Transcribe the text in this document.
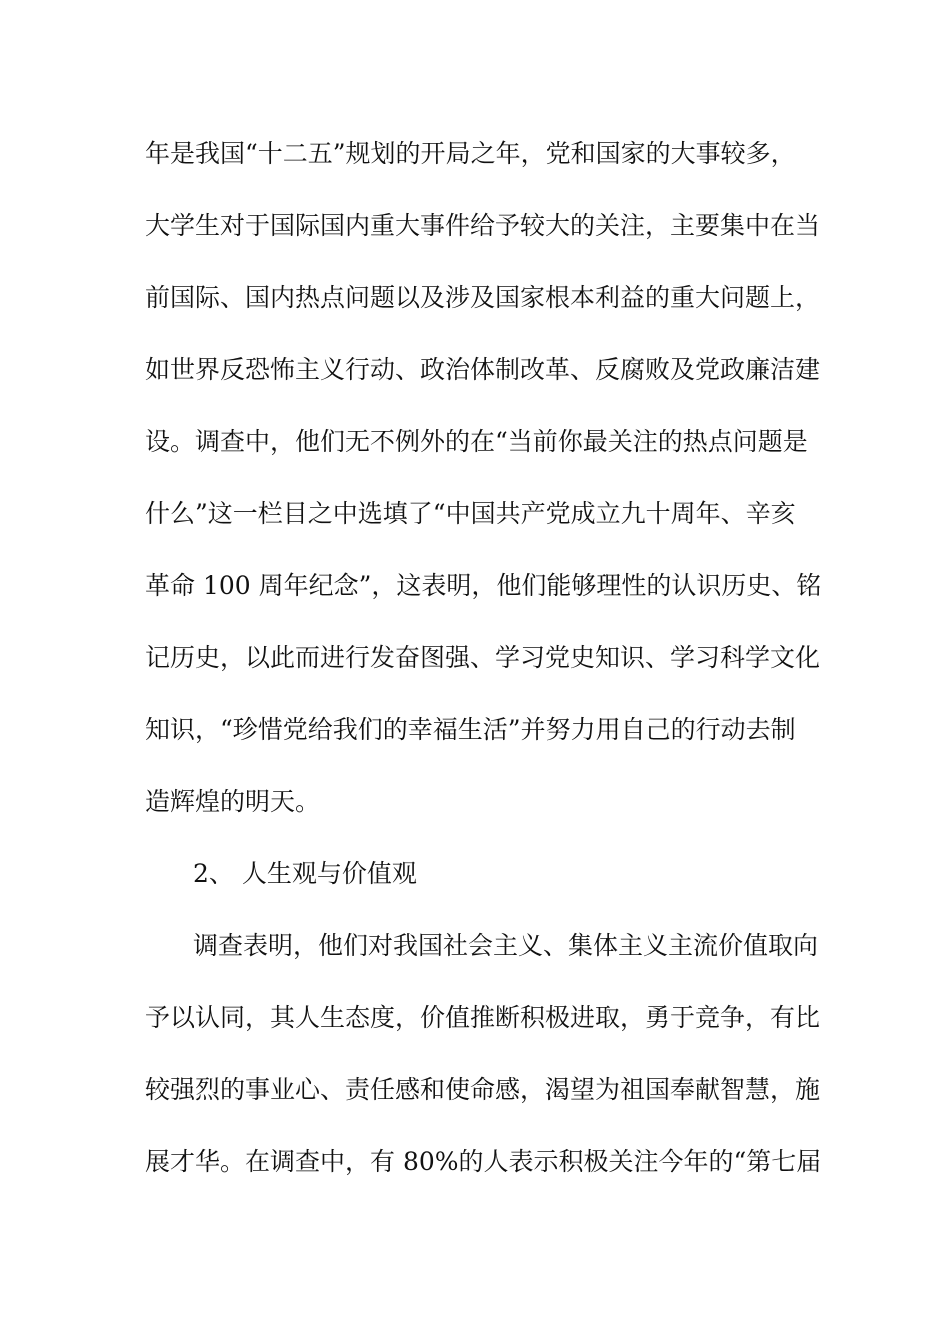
年是我国“十二五”规划的开局之年，党和国家的大事较多，
大学生对于国际国内重大事件给予较大的关注，主要集中在当
前国际、国内热点问题以及涉及国家根本利益的重大问题上，
如世界反恐怖主义行动、政治体制改革、反腐败及党政廉洁建
设。调查中，他们无不例外的在“当前你最关注的热点问题是
什么”这一栏目之中选填了“中国共产党成立九十周年、辛亥
革命 100 周年纪念”，这表明，他们能够理性的认识历史、铭
记历史，以此而进行发奋图强、学习党史知识、学习科学文化
知识，“珍惜党给我们的幸福生活”并努力用自己的行动去制
造辉煌的明天。
2、 人生观与价值观
调查表明，他们对我国社会主义、集体主义主流价值取向
予以认同，其人生态度，价值推断积极进取，勇于竞争，有比
较强烈的事业心、责任感和使命感，渴望为祖国奉献智慧，施
展才华。在调查中，有 80%的人表示积极关注今年的“第七届
